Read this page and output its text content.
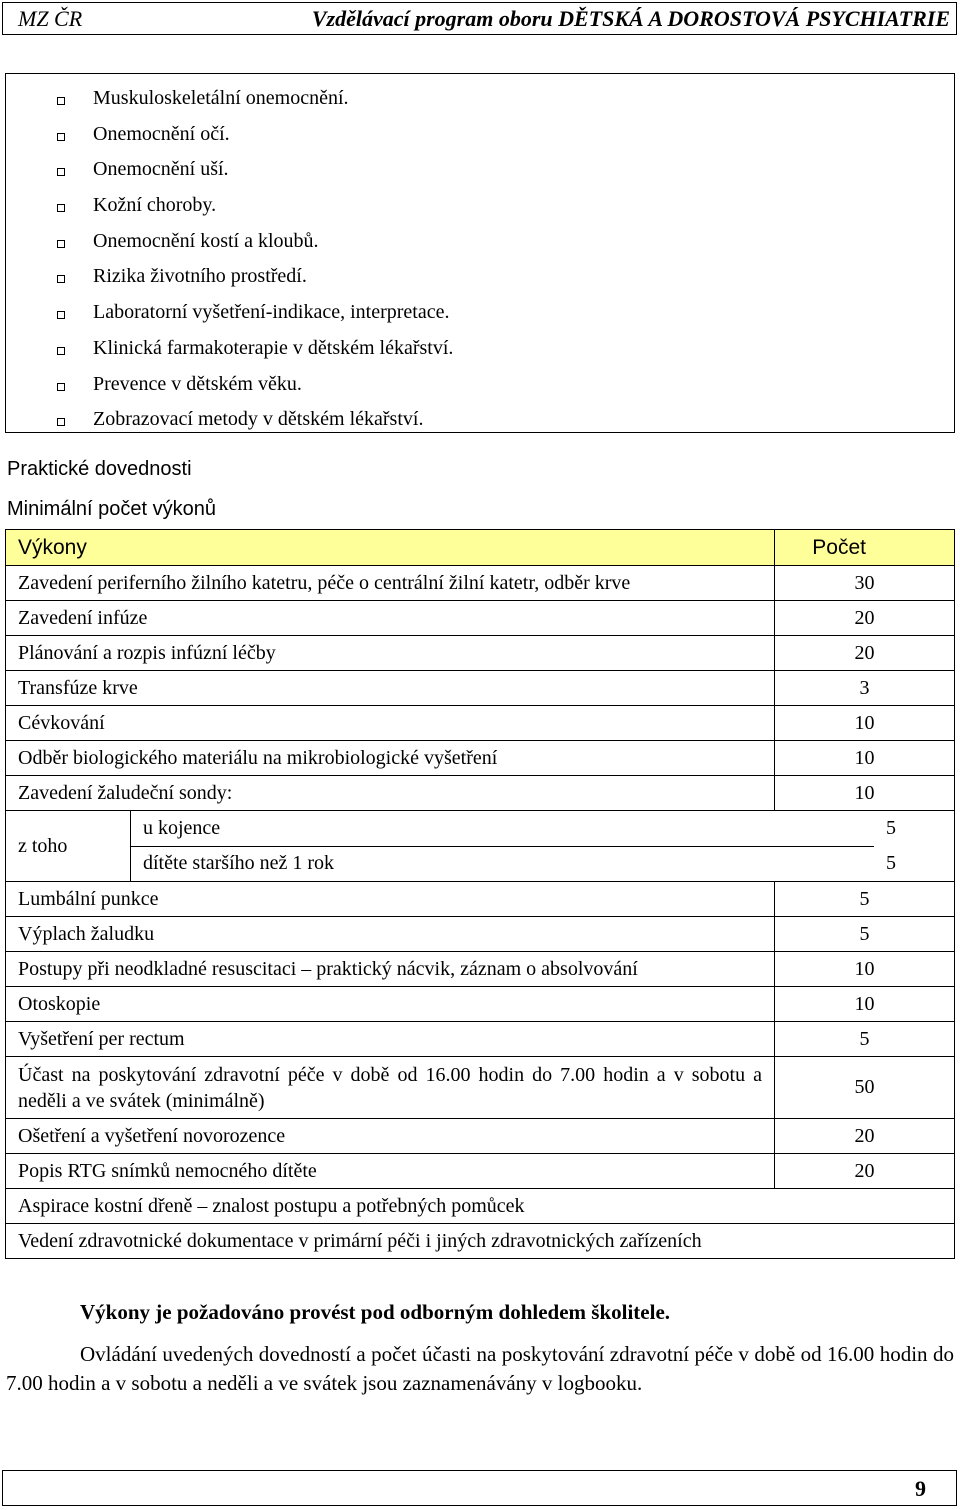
MZ ČR	Vzdělávací program oboru DĚTSKÁ A DOROSTOVÁ PSYCHIATRIE
Muskuloskeletální onemocnění.
Onemocnění očí.
Onemocnění uší.
Kožní choroby.
Onemocnění kostí a kloubů.
Rizika životního prostředí.
Laboratorní vyšetření-indikace, interpretace.
Klinická farmakoterapie v dětském lékařství.
Prevence v dětském věku.
Zobrazovací metody v dětském lékařství.
Praktické dovednosti
Minimální počet výkonů
Výkony	Počet
Zavedení periferního žilního katetru, péče o centrální žilní katetr, odběr krve	30
Zavedení infúze	20
Plánování a rozpis infúzní léčby	20
Transfúze krve	3
Cévkování	10
Odběr biologického materiálu na mikrobiologické vyšetření	10
Zavedení žaludeční sondy:	10
z toho	
u kojence	5
dítěte staršího než 1 rok	5

Lumbální punkce	5
Výplach žaludku	5
Postupy při neodkladné resuscitaci – praktický nácvik, záznam o absolvování	10
Otoskopie	10
Vyšetření per rectum	5
Účast na poskytování zdravotní péče v době od 16.00 hodin do 7.00 hodin a v sobotu a neděli a ve svátek (minimálně)	50
Ošetření a vyšetření novorozence	20
Popis RTG snímků nemocného dítěte	20
Aspirace kostní dřeně – znalost postupu a potřebných pomůcek
Vedení zdravotnické dokumentace v primární péči i jiných zdravotnických zařízeních
Výkony je požadováno provést pod odborným dohledem školitele.
Ovládání uvedených dovedností a počet účasti na poskytování zdravotní péče v době od 16.00 hodin do 7.00 hodin a v sobotu a neděli a ve svátek jsou zaznamenávány v logbooku.
9
